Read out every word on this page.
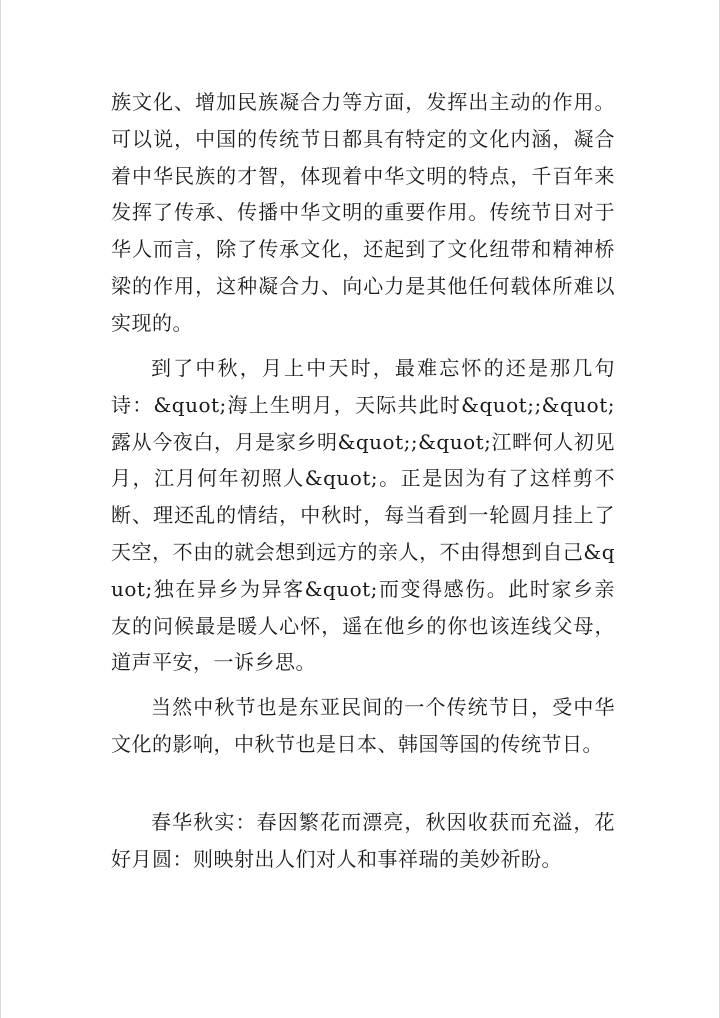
族文化、增加民族凝合力等方面，发挥出主动的作用。可以说，中国的传统节日都具有特定的文化内涵，凝合着中华民族的才智，体现着中华文明的特点，千百年来发挥了传承、传播中华文明的重要作用。传统节日对于华人而言，除了传承文化，还起到了文化纽带和精神桥梁的作用，这种凝合力、向心力是其他任何载体所难以实现的。

到了中秋，月上中天时，最难忘怀的还是那几句诗：&quot;海上生明月，天际共此时&quot;;&quot;露从今夜白，月是家乡明&quot;;&quot;江畔何人初见月，江月何年初照人&quot;。正是因为有了这样剪不断、理还乱的情结，中秋时，每当看到一轮圆月挂上了天空，不由的就会想到远方的亲人，不由得想到自己&quot;独在异乡为异客&quot;而变得感伤。此时家乡亲友的问候最是暖人心怀，遥在他乡的你也该连线父母，道声平安，一诉乡思。

当然中秋节也是东亚民间的一个传统节日，受中华文化的影响，中秋节也是日本、韩国等国的传统节日。

春华秋实：春因繁花而漂亮，秋因收获而充溢，花好月圆：则映射出人们对人和事祥瑞的美妙祈盼。
